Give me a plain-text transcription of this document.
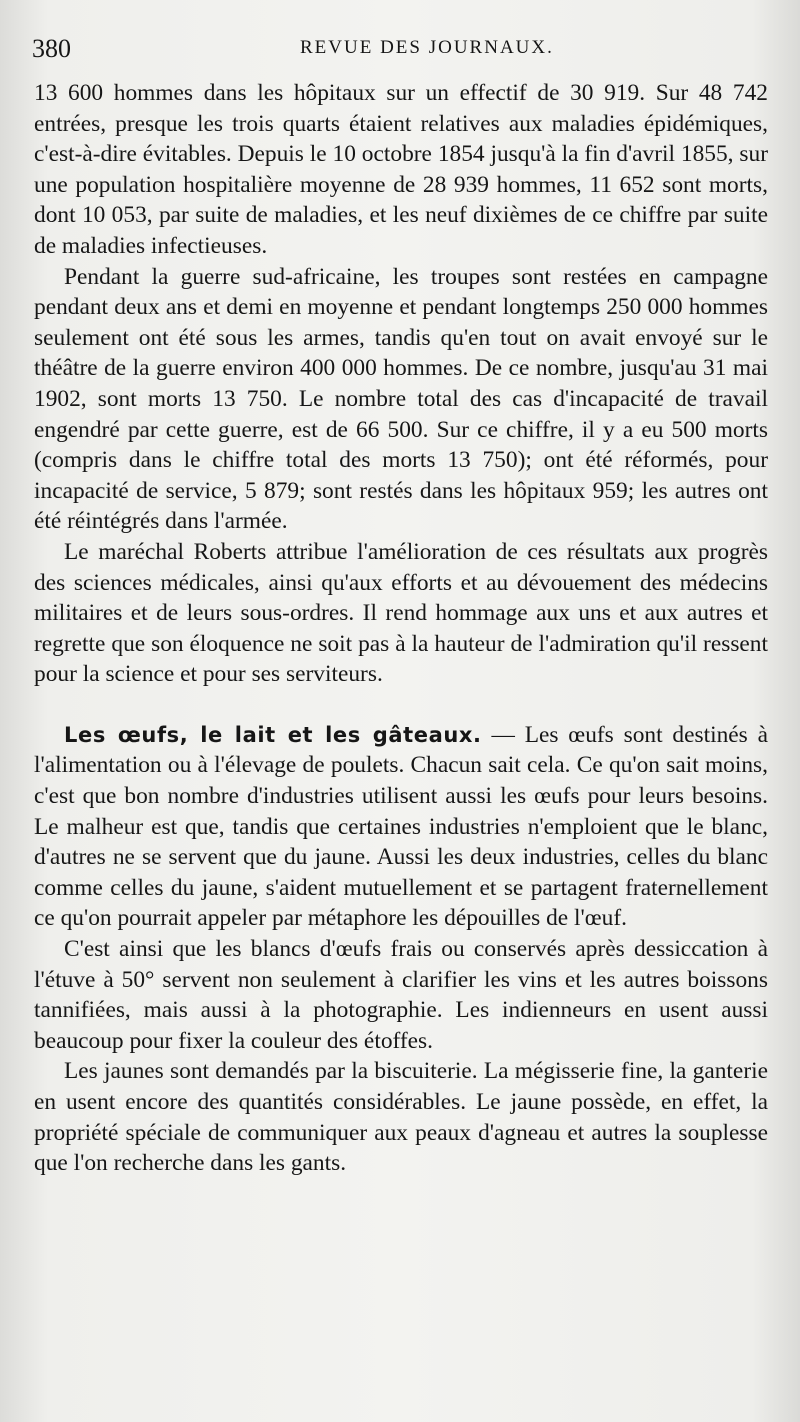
380	REVUE DES JOURNAUX.

13 600 hommes dans les hôpitaux sur un effectif de 30 919. Sur 48 742 entrées, presque les trois quarts étaient relatives aux maladies épidémiques, c'est-à-dire évitables. Depuis le 10 octobre 1854 jusqu'à la fin d'avril 1855, sur une population hospitalière moyenne de 28 939 hommes, 11 652 sont morts, dont 10 053, par suite de maladies, et les neuf dixièmes de ce chiffre par suite de maladies infectieuses.

Pendant la guerre sud-africaine, les troupes sont restées en campagne pendant deux ans et demi en moyenne et pendant longtemps 250 000 hommes seulement ont été sous les armes, tandis qu'en tout on avait envoyé sur le théâtre de la guerre environ 400 000 hommes. De ce nombre, jusqu'au 31 mai 1902, sont morts 13 750. Le nombre total des cas d'incapacité de travail engendré par cette guerre, est de 66 500. Sur ce chiffre, il y a eu 500 morts (compris dans le chiffre total des morts 13 750); ont été réformés, pour incapacité de service, 5 879; sont restés dans les hôpitaux 959; les autres ont été réintégrés dans l'armée.

Le maréchal Roberts attribue l'amélioration de ces résultats aux progrès des sciences médicales, ainsi qu'aux efforts et au dévouement des médecins militaires et de leurs sous-ordres. Il rend hommage aux uns et aux autres et regrette que son éloquence ne soit pas à la hauteur de l'admiration qu'il ressent pour la science et pour ses serviteurs.

Les œufs, le lait et les gâteaux. — Les œufs sont destinés à l'alimentation ou à l'élevage de poulets. Chacun sait cela. Ce qu'on sait moins, c'est que bon nombre d'industries utilisent aussi les œufs pour leurs besoins. Le malheur est que, tandis que certaines industries n'emploient que le blanc, d'autres ne se servent que du jaune. Aussi les deux industries, celles du blanc comme celles du jaune, s'aident mutuellement et se partagent fraternellement ce qu'on pourrait appeler par métaphore les dépouilles de l'œuf.

C'est ainsi que les blancs d'œufs frais ou conservés après dessiccation à l'étuve à 50° servent non seulement à clarifier les vins et les autres boissons tannifiées, mais aussi à la photographie. Les indienneurs en usent aussi beaucoup pour fixer la couleur des étoffes.

Les jaunes sont demandés par la biscuiterie. La mégisserie fine, la ganterie en usent encore des quantités considérables. Le jaune possède, en effet, la propriété spéciale de communiquer aux peaux d'agneau et autres la souplesse que l'on recherche dans les gants.
